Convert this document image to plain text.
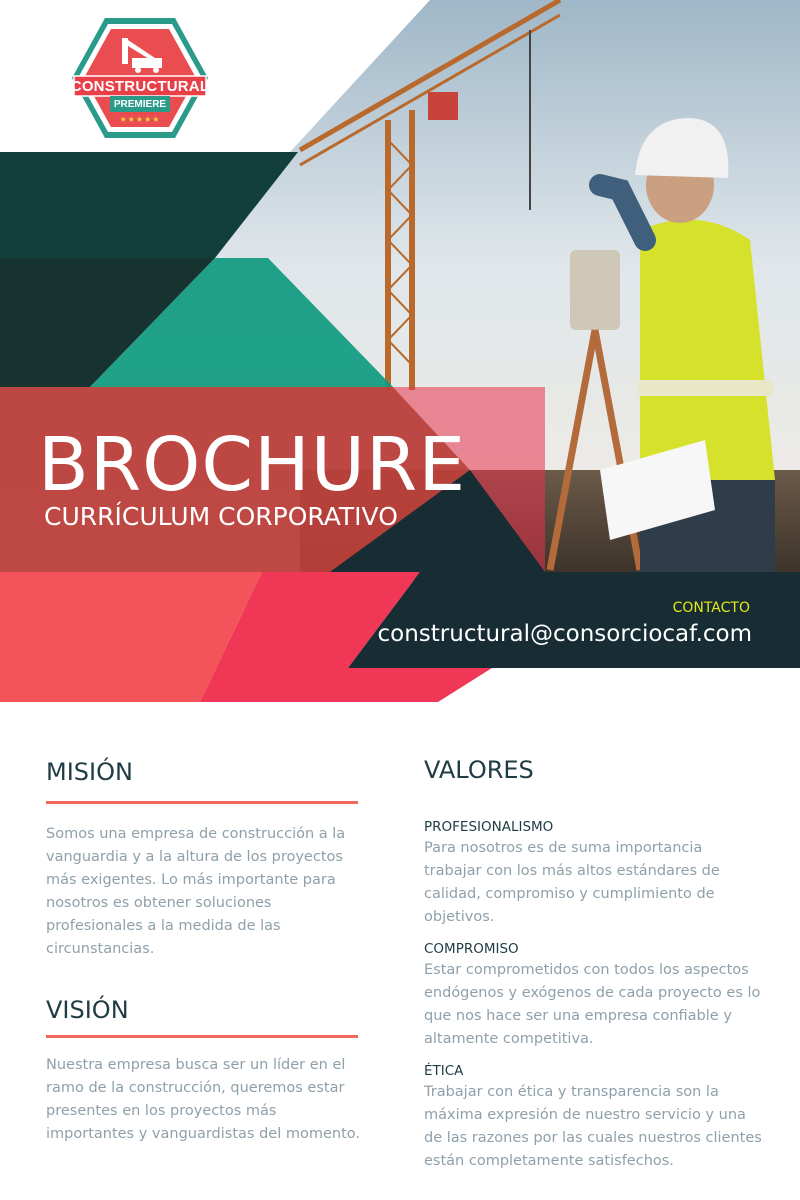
CONSTRUCTURAL
PREMIERE
★★★★★
BROCHURE
CURRÍCULUM CORPORATIVO
CONTACTO
constructural@consorciocaf.com
MISIÓN

Somos una empresa de construcción a la vanguardia y a la altura de los proyectos más exigentes. Lo más importante para nosotros es obtener soluciones profesionales a la medida de las circunstancias.

VISIÓN

Nuestra empresa busca ser un líder en el ramo de la construcción, queremos estar presentes en los proyectos más importantes y vanguardistas del momento.

VALORES
PROFESIONALISMO

Para nosotros es de suma importancia trabajar con los más altos estándares de calidad, compromiso y cumplimiento de objetivos.

COMPROMISO

Estar comprometidos con todos los aspectos endógenos y exógenos de cada proyecto es lo que nos hace ser una empresa confiable y altamente competitiva.

ÉTICA

Trabajar con ética y transparencia son la máxima expresión de nuestro servicio y una de las razones por las cuales nuestros clientes están completamente satisfechos.
